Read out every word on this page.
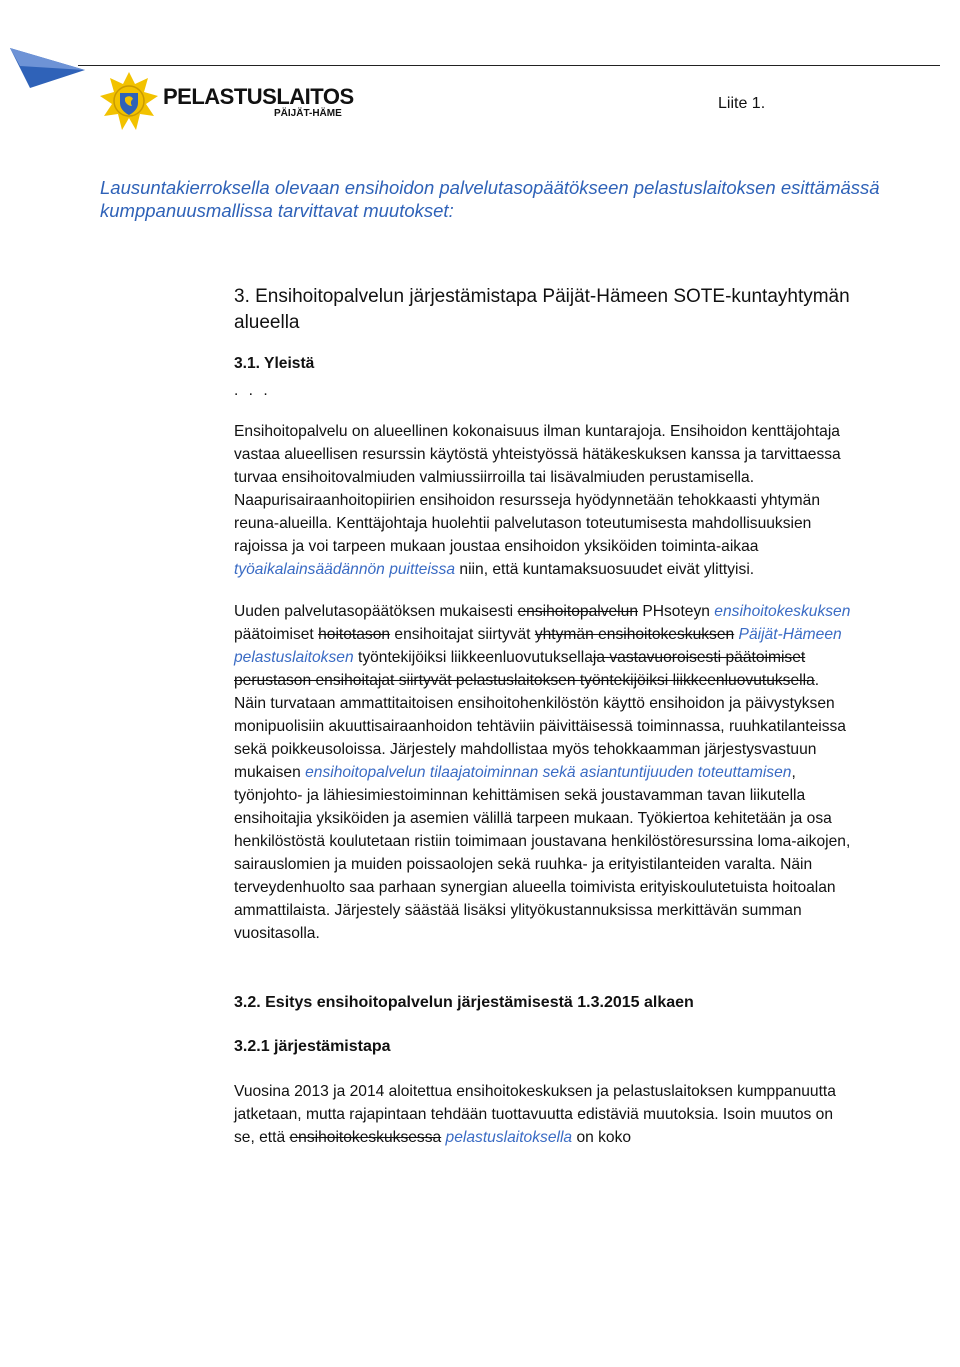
PELASTUSLAITOS
PÄIJÄT-HÄME
Liite 1.
Lausuntakierroksella olevaan ensihoidon palvelutasopäätökseen pelastuslaitoksen esittämässä kumppanuusmallissa tarvittavat muutokset:
3. Ensihoitopalvelun järjestämistapa Päijät-Hämeen SOTE-kuntayhtymän alueella
3.1. Yleistä
. . .

Ensihoitopalvelu on alueellinen kokonaisuus ilman kuntarajoja. Ensihoidon kenttäjohtaja vastaa alueellisen resurssin käytöstä yhteistyössä hätäkeskuksen kanssa ja tarvittaessa turvaa ensihoitovalmiuden valmiussiirroilla tai lisävalmiuden perustamisella. Naapurisairaanhoitopiirien ensihoidon resursseja hyödynnetään tehokkaasti yhtymän reuna-alueilla. Kenttäjohtaja huolehtii palvelutason toteutumisesta mahdollisuuksien rajoissa ja voi tarpeen mukaan joustaa ensihoidon yksiköiden toiminta-aikaa työaikalainsäädännön puitteissa niin, että kuntamaksuosuudet eivät ylittyisi.

Uuden palvelutasopäätöksen mukaisesti ensihoitopalvelun PHsoteyn ensihoitokeskuksen päätoimiset hoitotason ensihoitajat siirtyvät yhtymän ensihoitokeskuksen Päijät-Hämeen pelastuslaitoksen työntekijöiksi liikkeenluovutuksellaja vastavuoroisesti päätoimiset perustason ensihoitajat siirtyvät pelastuslaitoksen työntekijöiksi liikkeenluovutuksella. Näin turvataan ammattitaitoisen ensihoitohenkilöstön käyttö ensihoidon ja päivystyksen monipuolisiin akuuttisairaanhoidon tehtäviin päivittäisessä toiminnassa, ruuhkatilanteissa sekä poikkeusoloissa. Järjestely mahdollistaa myös tehokkaamman järjestysvastuun mukaisen ensihoitopalvelun tilaajatoiminnan sekä asiantuntijuuden toteuttamisen, työnjohto- ja lähiesimiestoiminnan kehittämisen sekä joustavamman tavan liikutella ensihoitajia yksiköiden ja asemien välillä tarpeen mukaan. Työkiertoa kehitetään ja osa henkilöstöstä koulutetaan ristiin toimimaan joustavana henkilöstöresurssina loma-aikojen, sairauslomien ja muiden poissaolojen sekä ruuhka- ja erityistilanteiden varalta. Näin terveydenhuolto saa parhaan synergian alueella toimivista erityiskoulutetuista hoitoalan ammattilaista. Järjestely säästää lisäksi ylityökustannuksissa merkittävän summan vuositasolla.

3.2. Esitys ensihoitopalvelun järjestämisestä 1.3.2015 alkaen
3.2.1 järjestämistapa

Vuosina 2013 ja 2014 aloitettua ensihoitokeskuksen ja pelastuslaitoksen kumppanuutta jatketaan, mutta rajapintaan tehdään tuottavuutta edistäviä muutoksia. Isoin muutos on se, että ensihoitokeskuksessa pelastuslaitoksella on koko
